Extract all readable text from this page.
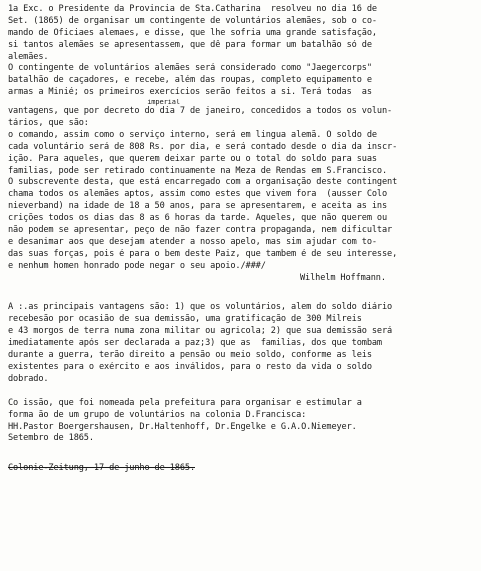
1a Exc. o Presidente da Provincia de Sta.Catharina  resolveu no dia 16 de
Set. (1865) de organisar um contingente de voluntários alemães, sob o co-
mando de Oficiaes alemaes, e disse, que lhe sofria uma grande satisfação,
si tantos alemães se apresentassem, que dê para formar um batalhão só de
alemães.
O contingente de voluntários alemães será considerado como "Jaegercorps"
batalhão de caçadores, e recebe, além das roupas, completo equipamento e
armas a Minié; os primeiros exercícios serão feitos a si. Terá todas  as
imperial
vantagens, que por decreto do dia 7 de janeiro, concedidos a todos os volun-
tários, que são:
o comando, assim como o serviço interno, será em lingua alemã. O soldo de
cada voluntário será de 808 Rs. por dia, e será contado desde o dia da inscr-
ição. Para aqueles, que querem deixar parte ou o total do soldo para suas
familias, pode ser retirado continuamente na Meza de Rendas em S.Francisco.
O subscreventе desta, que está encarregado com a organisação deste contingent
chama todos os alemães aptos, assim como estes que vivem fora  (ausser Colo
nieverband) na idade de 18 a 50 anos, para se apresentarem, e aceita as ins
crições todos os dias das 8 as 6 horas da tarde. Aqueles, que não querem ou
não podem se apresentar, peço de não fazer contra propaganda, nem dificultar
e desanimar aos que desejam atender a nosso apelo, mas sim ajudar com to-
das suas forças, pois é para o bem deste Paiz, que tambem é de seu interesse,
e nenhum homen honrado pode negar o seu apoio./###/
Wilhelm Hoffmann.
A :.as principais vantagens são: 1) que os voluntários, alem do soldo diário
recebesão por ocasião de sua demissão, uma gratificação de 300 Milreis
e 43 morgos de terra numa zona militar ou agricola; 2) que sua demissão será
imediatamente após ser declarada a paz;3) que as  familias, dos que tombam
durante a guerra, terão direito a pensão ou meio soldo, conforme as leis
existentes para o exército e aos inválidos, para o resto da vida o soldo
dobrado.
Co issão, que foi nomeada pela prefeitura para organisar e estimular a
forma ão de um grupo de voluntários na colonia D.Francisca:
HH.Pastor Boergershausen, Dr.Haltenhoff, Dr.Engelke e G.A.O.Niemeyer.
Setembro de 1865.
Colonie-Zeitung, 17 de junho de 1865.
